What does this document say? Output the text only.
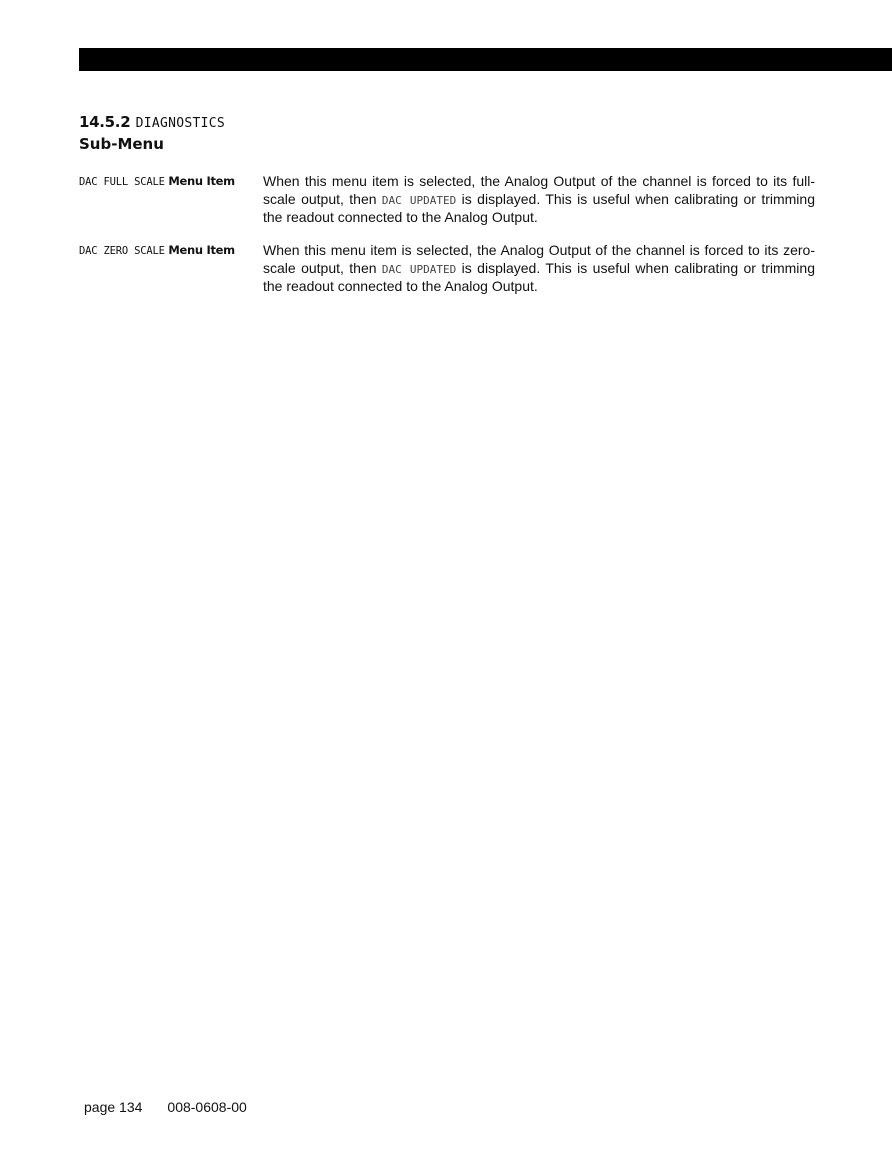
14.5.2 DIAGNOSTICS
Sub-Menu
DAC FULL SCALE Menu Item	When this menu item is selected, the Analog Output of the channel is forced to its full-scale output, then DAC UPDATED is displayed. This is useful when calibrating or trimming the readout connected to the Analog Output.
DAC ZERO SCALE Menu Item	When this menu item is selected, the Analog Output of the channel is forced to its zero-scale output, then DAC UPDATED is displayed. This is useful when calibrating or trimming the readout connected to the Analog Output.
page 134 008-0608-00
